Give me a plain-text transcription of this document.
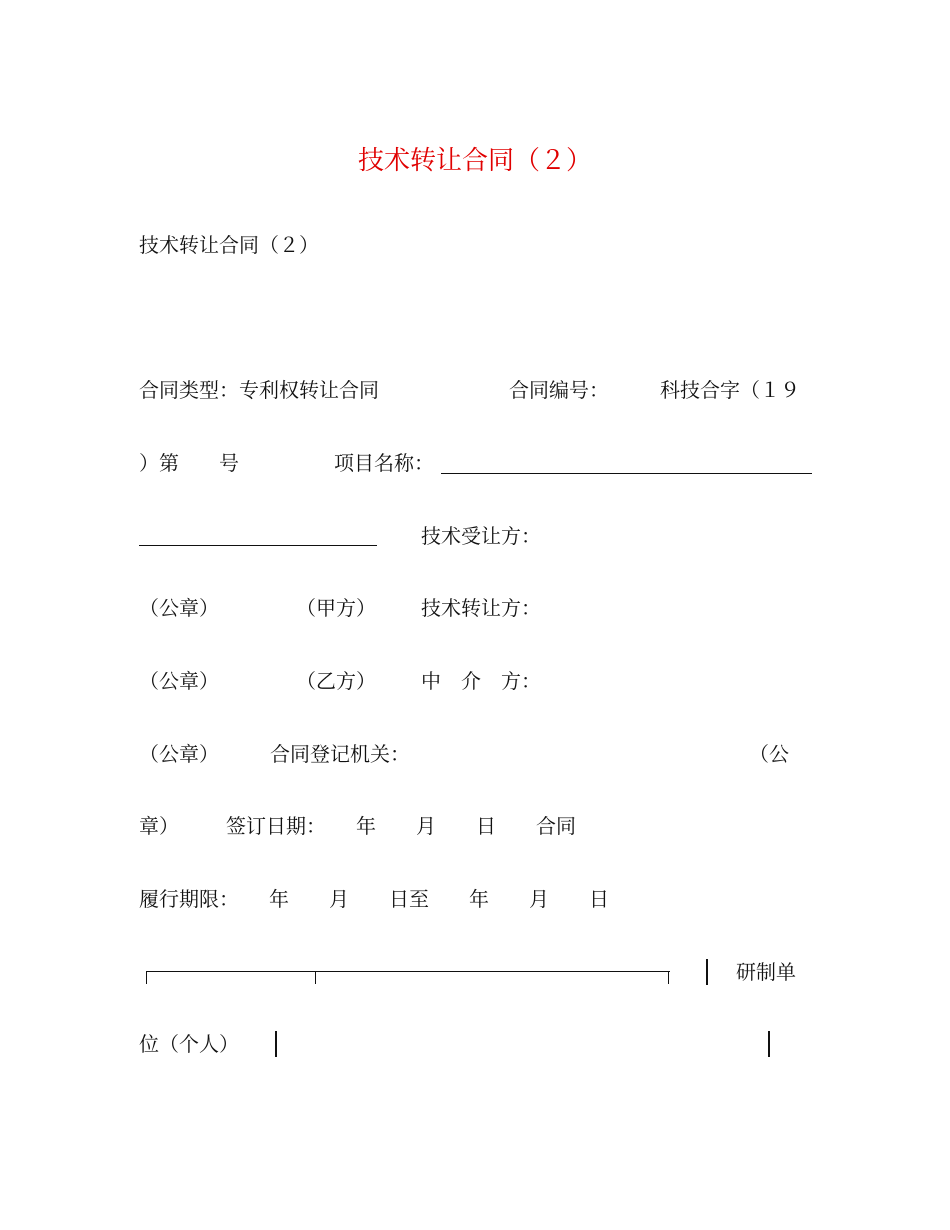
技术转让合同（２）
技术转让合同（２）
合同类型：专利权转让合同	合同编号：	科技合字（１９
）第　　号	项目名称：
技术受让方：
（公章）	（甲方） 技术转让方：
（公章）	（乙方） 中　介　方：
（公章）	合同登记机关：	（公
章） 签订日期：　　年　　月　　日　　合同
履行期限：　　年　　月　　日至　　年　　月　　日
研制单
位（个人）
